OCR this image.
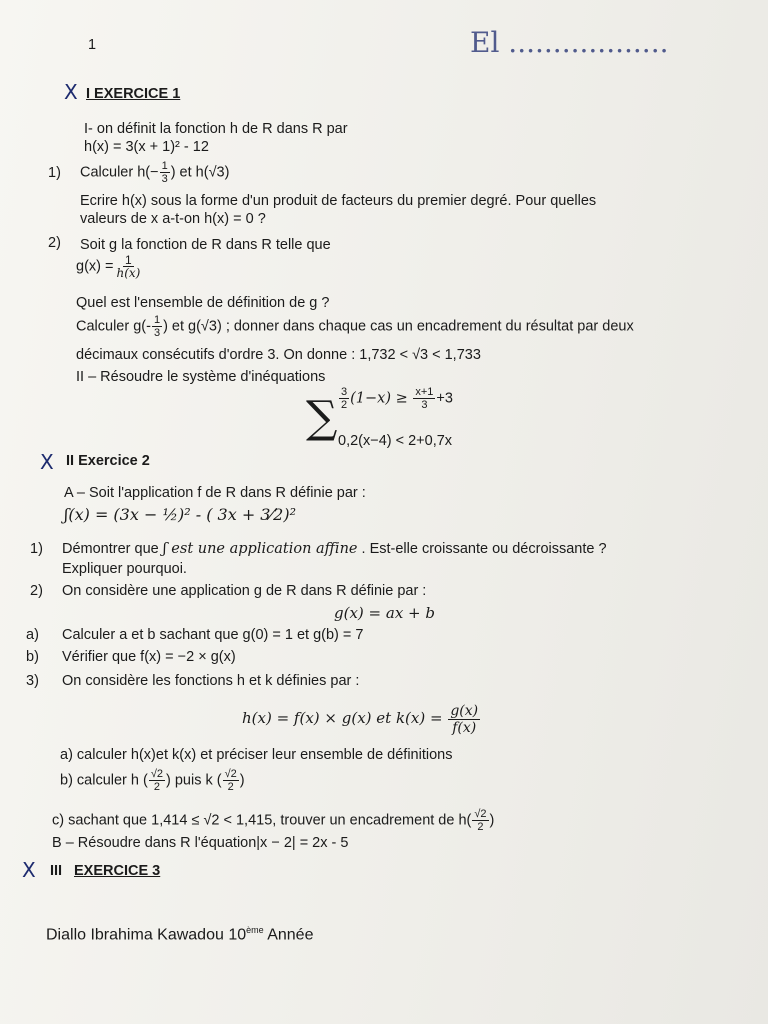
1	El ..................
X I EXERCICE 1
I- on définit la fonction h de R dans R par
h(x) = 3(x + 1)² - 12
1) Calculer $h(- \frac{1}{3}$ ) et h(√3)
Ecrire h(x) sous la forme d'un produit de facteurs du premier degré. Pour quelles
valeurs de x a-t-on h(x) = 0 ?
2) Soit g la fonction de R dans R telle que
$g(x) = \frac{1}{h(x)}$
Quel est l'ensemble de définition de g ?
Calculer $g(- \frac{1}{3}$ ) et g(√3) ; donner dans chaque cas un encadrement du résultat par deux
décimaux consécutifs d'ordre 3. On donne : 1,732 < √3 < 1,733
II – Résoudre le système d'inéquations
∑ $\frac{3}{2} (1-x) \ge \frac{x+1}{3} +3$
0,2(x−4) < 2+0,7x
X II Exercice 2
A – Soit l'application f de R dans R définie par :
ʃ(x) = (3x − ½)² - ( 3x + 3⁄2)²
1) Démontrer que ʃ est une application affine . Est-elle croissante ou décroissante ?
Expliquer pourquoi.
2) On considère une application g de R dans R définie par :
g(x) = ax + b
a) Calculer a et b sachant que g(0) = 1 et g(b) = 7
b) Vérifier que f(x) = −2 × g(x)
3) On considère les fonctions h et k définies par :
h(x) = f(x) × g(x) et $k(x) = \frac{g(x)}{f(x)}$
a) calculer h(x)et k(x) et préciser leur ensemble de définitions
b) calculer h ( $\frac{√2}{2}$ ) puis k ( $\frac{√2}{2}$ )
c) sachant que 1,414 ≤ √2 < 1,415, trouver un encadrement de $h( \frac{√2}{2}$ )
B – Résoudre dans R l'équation|x − 2| = 2x - 5
X III EXERCICE 3
Diallo Ibrahima Kawadou 10ème Année
